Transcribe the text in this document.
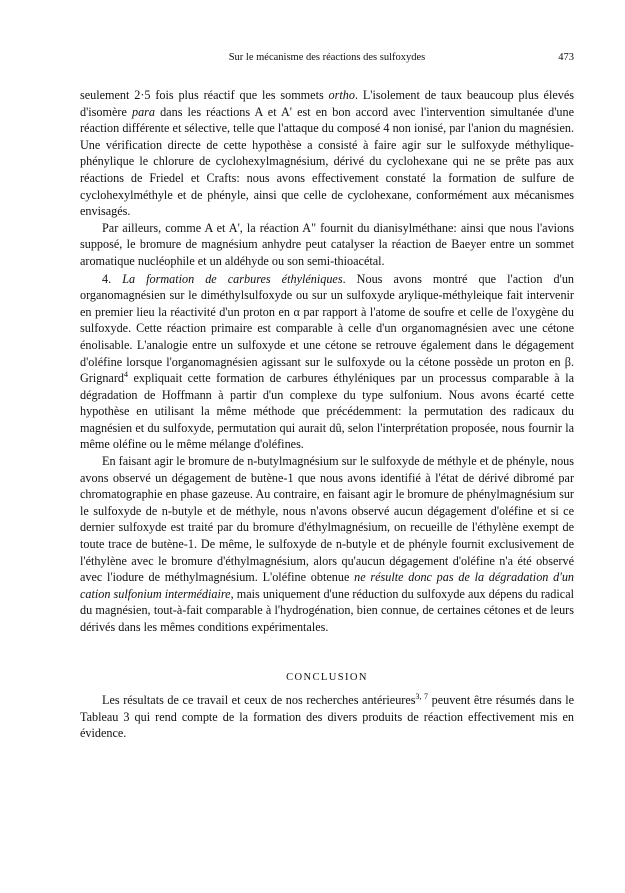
Sur le mécanisme des réactions des sulfoxydes	473

seulement 2·5 fois plus réactif que les sommets ortho. L'isolement de taux beaucoup plus élevés d'isomère para dans les réactions A et A' est en bon accord avec l'intervention simultanée d'une réaction différente et sélective, telle que l'attaque du composé 4 non ionisé, par l'anion du magnésien. Une vérification directe de cette hypothèse a consisté à faire agir sur le sulfoxyde méthylique-phénylique le chlorure de cyclohexylmagnésium, dérivé du cyclohexane qui ne se prête pas aux réactions de Friedel et Crafts: nous avons effectivement constaté la formation de sulfure de cyclohexylméthyle et de phényle, ainsi que celle de cyclohexane, conformément aux mécanismes envisagés.

Par ailleurs, comme A et A', la réaction A" fournit du dianisylméthane: ainsi que nous l'avions supposé, le bromure de magnésium anhydre peut catalyser la réaction de Baeyer entre un sommet aromatique nucléophile et un aldéhyde ou son semi-thioacétal.

4. La formation de carbures éthyléniques. Nous avons montré que l'action d'un organomagnésien sur le diméthylsulfoxyde ou sur un sulfoxyde arylique-méthyleique fait intervenir en premier lieu la réactivité d'un proton en α par rapport à l'atome de soufre et celle de l'oxygène du sulfoxyde. Cette réaction primaire est comparable à celle d'un organomagnésien avec une cétone énolisable. L'analogie entre un sulfoxyde et une cétone se retrouve également dans le dégagement d'oléfine lorsque l'organomagnésien agissant sur le sulfoxyde ou la cétone possède un proton en β. Grignard$^4$ expliquait cette formation de carbures éthyléniques par un processus comparable à la dégradation de Hoffmann à partir d'un complexe du type sulfonium. Nous avons écarté cette hypothèse en utilisant la même méthode que précédemment: la permutation des radicaux du magnésien et du sulfoxyde, permutation qui aurait dû, selon l'interprétation proposée, nous fournir la même oléfine ou le même mélange d'oléfines.

En faisant agir le bromure de n-butylmagnésium sur le sulfoxyde de méthyle et de phényle, nous avons observé un dégagement de butène-1 que nous avons identifié à l'état de dérivé dibromé par chromatographie en phase gazeuse. Au contraire, en faisant agir le bromure de phénylmagnésium sur le sulfoxyde de n-butyle et de méthyle, nous n'avons observé aucun dégagement d'oléfine et si ce dernier sulfoxyde est traité par du bromure d'éthylmagnésium, on recueille de l'éthylène exempt de toute trace de butène-1. De même, le sulfoxyde de n-butyle et de phényle fournit exclusivement de l'éthylène avec le bromure d'éthylmagnésium, alors qu'aucun dégagement d'oléfine n'a été observé avec l'iodure de méthylmagnésium. L'oléfine obtenue ne résulte donc pas de la dégradation d'un cation sulfonium intermédiaire, mais uniquement d'une réduction du sulfoxyde aux dépens du radical du magnésien, tout-à-fait comparable à l'hydrogénation, bien connue, de certaines cétones et de leurs dérivés dans les mêmes conditions expérimentales.

CONCLUSION

Les résultats de ce travail et ceux de nos recherches antérieures$^{3, 7}$ peuvent être résumés dans le Tableau 3 qui rend compte de la formation des divers produits de réaction effectivement mis en évidence.
